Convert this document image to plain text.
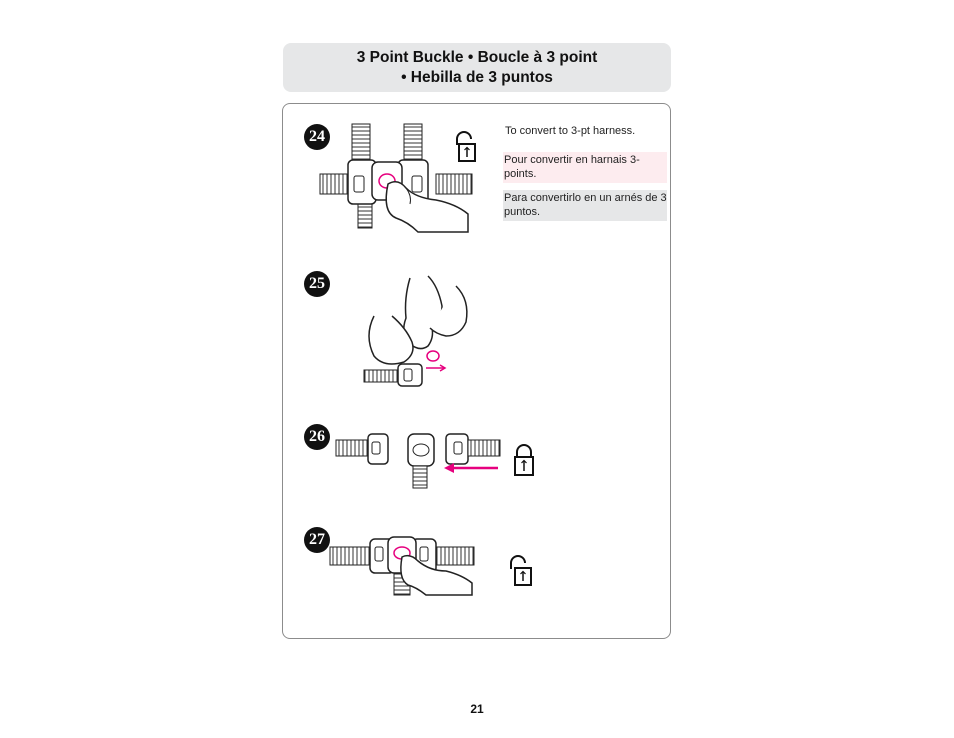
3 Point Buckle • Boucle à 3 point
• Hebilla de 3 puntos
24
25
26
27
To convert to 3-pt harness.
Pour convertir en harnais 3-points.
Para convertirlo en un arnés de 3 puntos.
21
